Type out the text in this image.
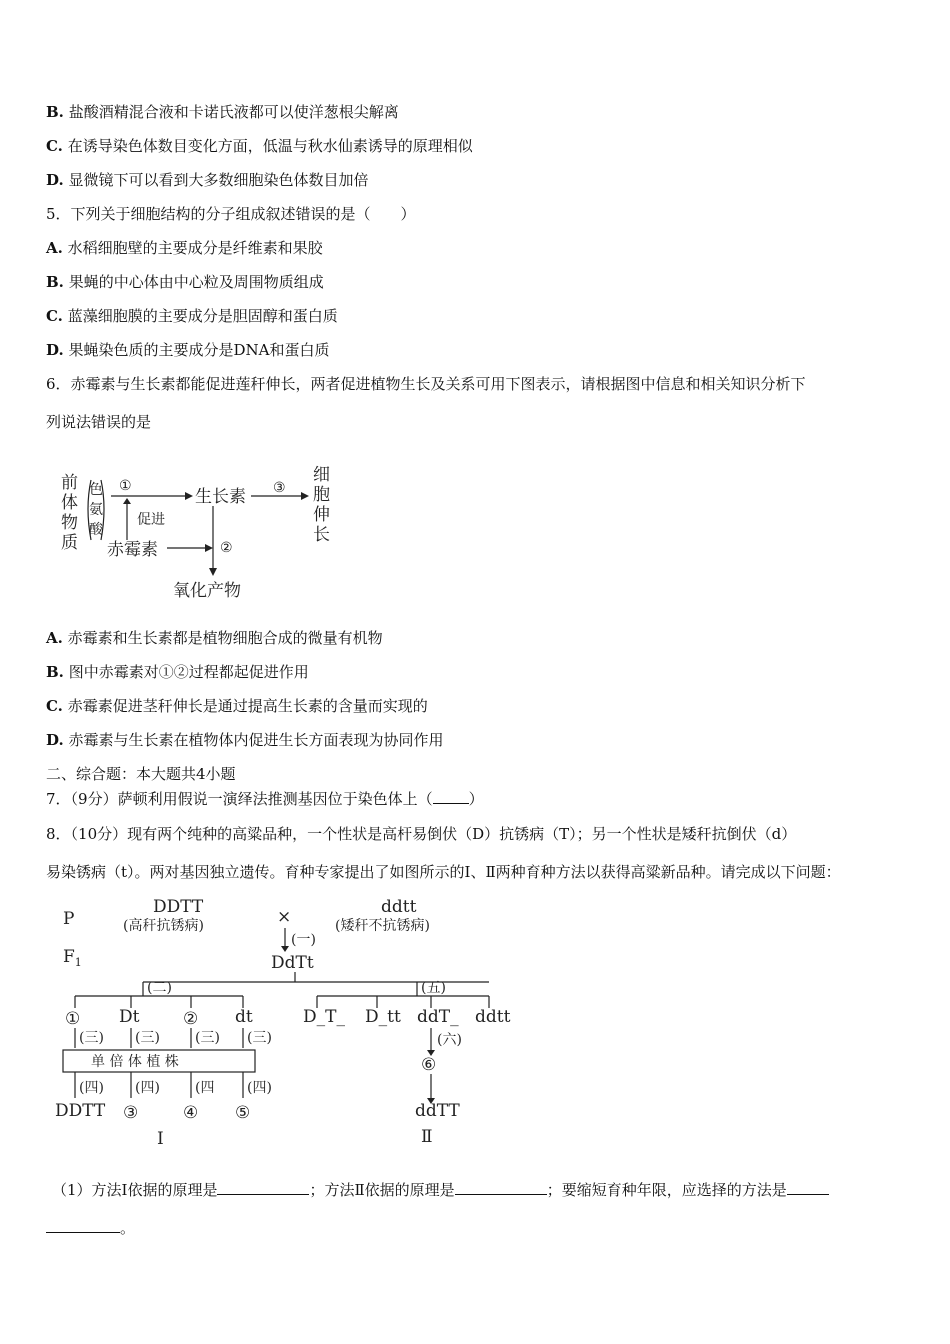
B. 盐酸酒精混合液和卡诺氏液都可以使洋葱根尖解离
C. 在诱导染色体数目变化方面，低温与秋水仙素诱导的原理相似
D. 显微镜下可以看到大多数细胞染色体数目加倍
5．下列关于细胞结构的分子组成叙述错误的是（　　）
A. 水稻细胞壁的主要成分是纤维素和果胶
B. 果蝇的中心体由中心粒及周围物质组成
C. 蓝藻细胞膜的主要成分是胆固醇和蛋白质
D. 果蝇染色质的主要成分是DNA和蛋白质
6．赤霉素与生长素都能促进莲秆伸长，两者促进植物生长及关系可用下图表示，请根据图中信息和相关知识分析下
列说法错误的是
前
体
物
质
色
氨
酸
①
生长素 ③
细
胞
伸
长
促进
赤霉素	②
氧化产物
A. 赤霉素和生长素都是植物细胞合成的微量有机物
B. 图中赤霉素对①②过程都起促进作用
C. 赤霉素促进茎秆伸长是通过提高生长素的含量而实现的
D. 赤霉素与生长素在植物体内促进生长方面表现为协同作用
二、综合题：本大题共4小题
7．（9分）萨顿利用假说一演绎法推测基因位于染色体上（ ）
8．（10分）现有两个纯种的高粱品种，一个性状是高杆易倒伏（D）抗锈病（T）；另一个性状是矮秆抗倒伏（d）
易染锈病（t）。两对基因独立遗传。育种专家提出了如图所示的Ⅰ、Ⅱ两种育种方法以获得高粱新品种。请完成以下问题：
P
$F_1$
DDTT
(高秆抗锈病)	×	ddtt
(矮秆不抗锈病)
(一)
DdTt
(二)
① Dt	② dt
(三) (三)	(三) (三)
单 倍 体 植 株
(四) (四)	(四 (四)
DDTT ③	④ ⑤
Ⅰ
(五)
D_T_ D_tt ddT_ ddtt
(六)
⑥
ddTT
Ⅱ
（1）方法Ⅰ依据的原理是	；方法Ⅱ依据的原理是	；要缩短育种年限，应选择的方法是
。
